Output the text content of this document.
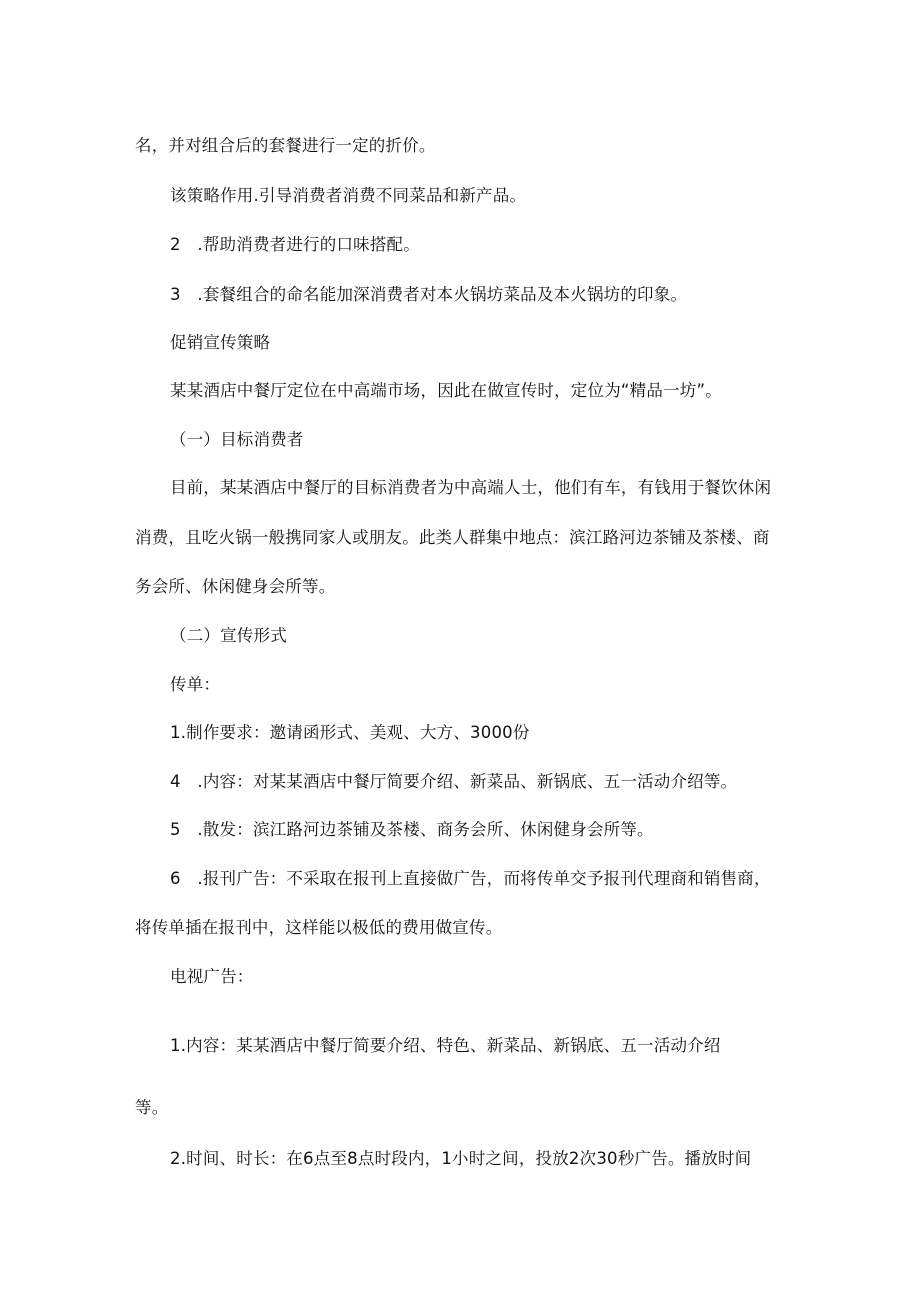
名，并对组合后的套餐进行一定的折价。
该策略作用.引导消费者消费不同菜品和新产品。
2　.帮助消费者进行的口味搭配。
3　.套餐组合的命名能加深消费者对本火锅坊菜品及本火锅坊的印象。
促销宣传策略
某某酒店中餐厅定位在中高端市场，因此在做宣传时，定位为“精品一坊”。
（一）目标消费者
目前，某某酒店中餐厅的目标消费者为中高端人士，他们有车，有钱用于餐饮休闲
消费，且吃火锅一般携同家人或朋友。此类人群集中地点：滨江路河边茶铺及茶楼、商
务会所、休闲健身会所等。
（二）宣传形式
传单：
1.制作要求：邀请函形式、美观、大方、3000份
4　.内容：对某某酒店中餐厅简要介绍、新菜品、新锅底、五一活动介绍等。
5　.散发：滨江路河边茶铺及茶楼、商务会所、休闲健身会所等。
6　.报刊广告：不采取在报刊上直接做广告，而将传单交予报刊代理商和销售商，
将传单插在报刊中，这样能以极低的费用做宣传。
电视广告：
1.内容：某某酒店中餐厅简要介绍、特色、新菜品、新锅底、五一活动介绍
等。
2.时间、时长：在6点至8点时段内，1小时之间，投放2次30秒广告。播放时间
